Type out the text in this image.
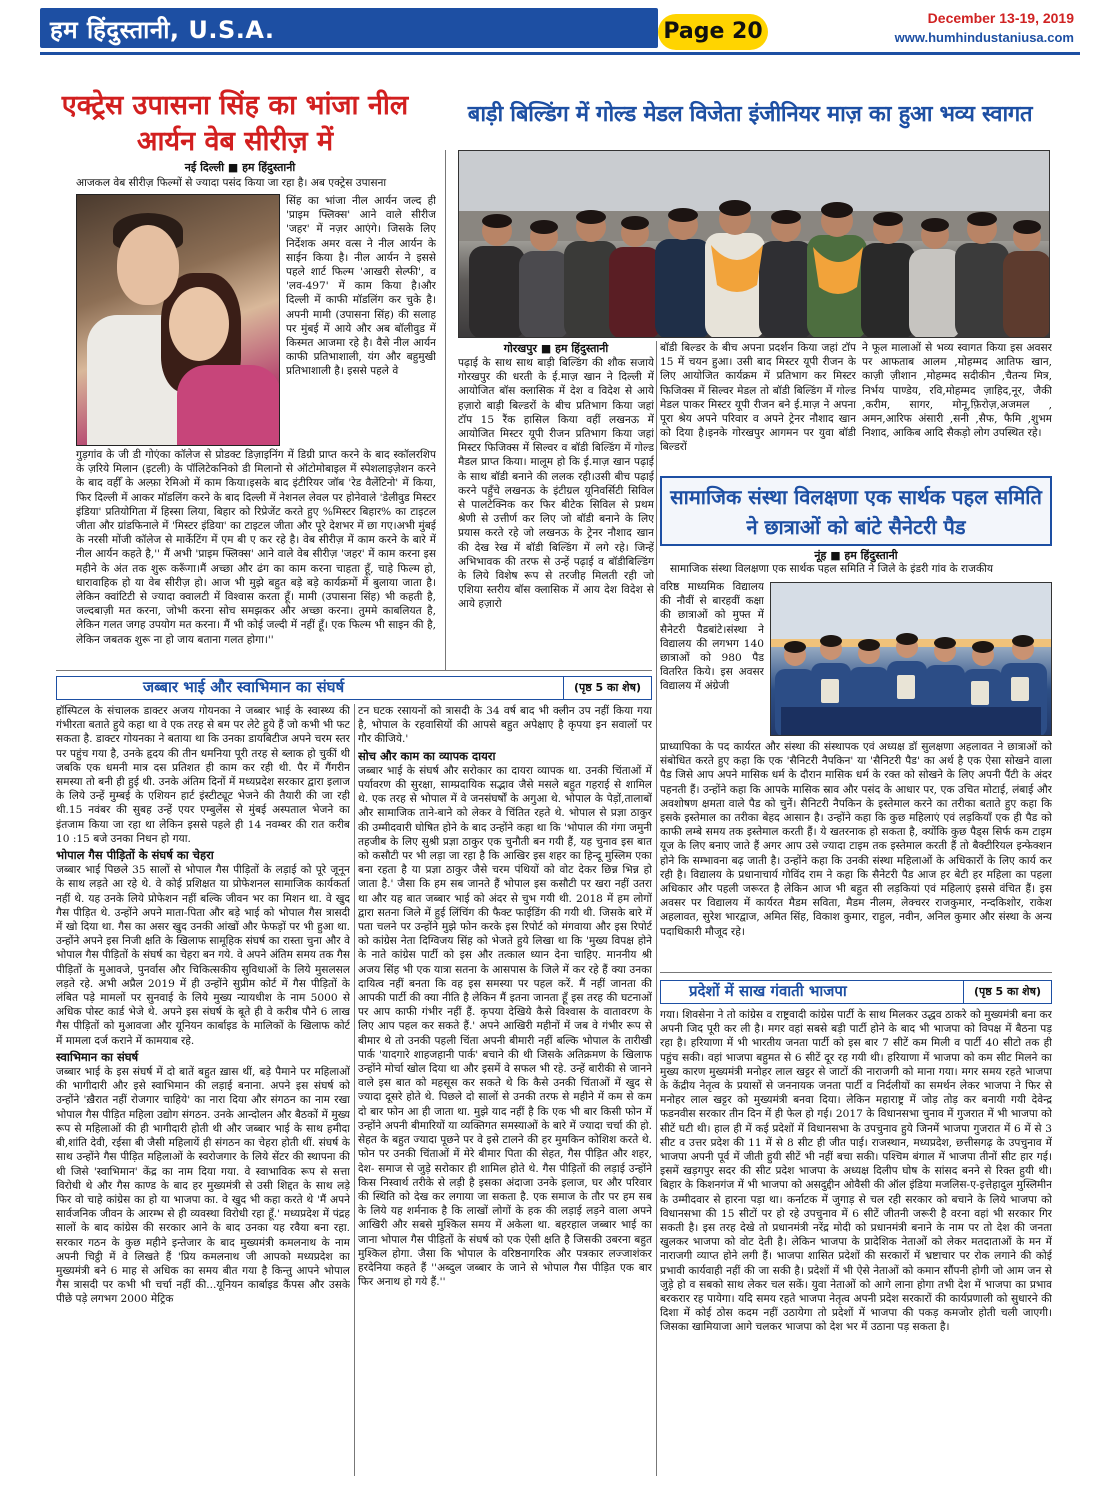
हम हिंदुस्तानी, U.S.A.	Page 20
December 13-19, 2019
www.humhindustaniusa.com
एक्ट्रेस उपासना सिंह का भांजा नील आर्यन वेब सीरीज़ में
नई दिल्ली ■ हम हिंदुस्तानी
आजकल वेब सीरीज़ फिल्मों से ज्यादा पसंद किया जा रहा है। अब एक्ट्रेस उपासना
सिंह का भांजा नील आर्यन जल्द ही 'प्राइम फ्लिक्स' आने वाले सीरीज 'जहर' में नज़र आएंगे। जिसके लिए निर्देशक अमर वत्स ने नील आर्यन के साईन किया है। नील आर्यन ने इससे पहले शार्ट फिल्म 'आखरी सेल्फी', व 'लव-497' में काम किया है।और दिल्ली में काफी मॉडलिंग कर चुके है। अपनी मामी (उपासना सिंह) की सलाह पर मुंबई में आये और अब बॉलीवुड में किस्मत आजमा रहे है। वैसे नील आर्यन काफी प्रतिभाशाली, यंग और बहुमुखी प्रतिभाशाली है। इससे पहले वे
गुड़गांव के जी डी गोएंका कॉलेज से प्रोडक्ट डिज़ाइनिंग में डिग्री प्राप्त करने के बाद स्कॉलरशिप के ज़रिये मिलान (इटली) के पॉलिटेकनिको डी मिलानो से ऑटोमोबाइल में स्पेशलाइज़ेशन करने के बाद वहीँ के अल्फ़ा रेमिओ में काम किया।इसके बाद इंटीरियर जॉब 'रेड वैलेंटिनो' में किया, फिर दिल्ली में आकर मॉडलिंग करने के बाद दिल्ली में नेशनल लेवल पर होनेवाले 'डेलीवुड मिस्टर इंडिया' प्रतियोगिता में हिस्सा लिया, बिहार को रिप्रेजेंट करते हुए %मिस्टर बिहार% का टाइटल जीता और ग्रांडफिनाले में 'मिस्टर इंडिया' का टाइटल जीता और पूरे देशभर में छा गए।अभी मुंबई के नरसी मोंजी कॉलेज से मार्केटिंग में एम बी ए कर रहे है। वेब सीरीज़ में काम करने के बारे में नील आर्यन कहते है,'' मैं अभी 'प्राइम फ्लिक्स' आने वाले वेब सीरीज़ 'जहर' में काम करना इस महीने के अंत तक शुरू करूँगा।मैं अच्छा और ढंग का काम करना चाहता हूँ, चाहे फिल्म हो, धारावाहिक हो या वेब सीरीज़ हो। आज भी मुझे बहुत बड़े बड़े कार्यक्रमों में बुलाया जाता है। लेकिन क्वांटिटी से ज्यादा क्वालटी में विश्वास करता हूँ। मामी (उपासना सिंह) भी कहती है, जल्दबाज़ी मत करना, जोभी करना सोच समझकर और अच्छा करना। तुममे काबलियत है, लेकिन गलत जगह उपयोग मत करना। मैं भी कोई जल्दी में नहीं हूँ। एक फिल्म भी साइन की है, लेकिन जबतक शुरू ना हो जाय बताना गलत होगा।''
बाड़ी बिल्डिंग में गोल्ड मेडल विजेता इंजीनियर माज़ का हुआ भव्य स्वागत
गोरखपुर ■ हम हिंदुस्तानी
पढ़ाई के साथ साथ बाड़ी बिल्डिंग की शौक सजाये गोरखपुर की धरती के ई.माज़ खान ने दिल्ली में आयोजित बॉस क्लासिक में देश व विदेश से आये हज़ारो बाड़ी बिल्डरों के बीच प्रतिभाग किया जहां टॉप 15 रैंक हासिल किया वहीं लखनऊ में आयोजित मिस्टर यूपी रीजन प्रतिभाग किया जहां मिस्टर फिजिक्स में सिल्वर व बॉडी बिल्डिंग में गोल्ड मैडल प्राप्त किया। मालूम हो कि ई.माज़ खान पढ़ाई के साथ बॉडी बनाने की ललक रही।उसी बीच पढ़ाई करने पहुँचे लखनऊ के इंटीग्रल यूनिवर्सिटी सिविल से पालटेक्निक कर फिर बीटेक सिविल से प्रथम श्रेणी से उत्तीर्ण कर लिए जो बॉडी बनाने के लिए प्रयास करते रहे जो लखनऊ के ट्रेनर नौशाद खान की देख रेख में बॉडी बिल्डिंग में लगे रहे। जिन्हें अभिभावक की तरफ से उन्हें पढ़ाई व बॉडीबिल्डिंग के लिये विशेष रूप से तरजीह मिलती रही जो एशिया स्तरीय बॉस क्लासिक में आय देश विदेश से आये हज़ारो
बॉडी बिल्डर के बीच अपना प्रदर्शन किया जहां टॉप 15 में चयन हुआ। उसी बाद मिस्टर यूपी रीजन के लिए आयोजित कार्यक्रम में प्रतिभाग कर मिस्टर फिजिक्स में सिल्वर मेडल तो बॉडी बिल्डिंग में गोल्ड मेडल पाकर मिस्टर यूपी रीजन बने ई.माज़ ने अपना पूरा श्रेय अपने परिवार व अपने ट्रेनर नौशाद खान को दिया है।इनके गोरखपुर आगमन पर युवा बॉडी बिल्डरों
ने फूल मालाओं से भव्य स्वागत किया इस अवसर पर आफताब आलम ,मोहम्मद आतिफ खान, काज़ी ज़ीशान ,मोहम्मद सदीकीन ,चैतन्य मित्र, निर्भय पाण्डेय, रवि,मोहम्मद ज़ाहिद,नूर, जैकी ,करीम, सागर, मोनू,फ़िरोज़,अजमल , अमन,आरिफ अंसारी ,सनी ,सैफ, फैमि ,शुभम निशाद, आकिब आदि सैकड़ो लोग उपस्थित रहे।
सामाजिक संस्था विलक्षणा एक सार्थक पहल समिति ने छात्राओं को बांटे सैनेटरी पैड
नूंह ■ हम हिंदुस्तानी
सामाजिक संस्था विलक्षणा एक सार्थक पहल समिति ने जिले के इंडरी गांव के राजकीय
वरिष्ठ माध्यमिक विद्यालय की नौवीं से बारहवीं कक्षा की छात्राओं को मुफ्त में सैनेटरी पैडबांटे।संस्था ने विद्यालय की लगभग 140 छात्राओं को 980 पैड वितरित किये। इस अवसर विद्यालय में अंग्रेजी
प्राध्यापिका के पद कार्यरत और संस्था की संस्थापक एवं अध्यक्ष डॉ सुलक्षणा अहलावत ने छात्राओं को संबोधित करते हुए कहा कि एक 'सैनिटरी नैपकिन' या 'सैनिटरी पैड' का अर्थ है एक ऐसा सोखने वाला पैड जिसे आप अपने मासिक धर्म के दौरान मासिक धर्म के रक्त को सोखने के लिए अपनी पैंटी के अंदर पहनती हैं। उन्होंने कहा कि आपके मासिक स्राव और पसंद के आधार पर, एक उचित मोटाई, लंबाई और अवशोषण क्षमता वाले पैड को चुनें। सैनिटरी नैपकिन के इस्तेमाल करने का तरीका बताते हुए कहा कि इसके इस्तेमाल का तरीका बेहद आसान है। उन्होंने कहा कि कुछ महिलाएं एवं लड़कियाँ एक ही पैड को काफी लम्बे समय तक इस्तेमाल करती हैं। ये खतरनाक हो सकता है, क्योंकि कुछ पैड्स सिर्फ कम टाइम यूज के लिए बनाए जाते हैं अगर आप उसे ज्यादा टाइम तक इस्तेमाल करती हैं तो बैक्टीरियल इन्फेक्शन होने कि सम्भावना बढ़ जाती है। उन्होंने कहा कि उनकी संस्था महिलाओं के अधिकारों के लिए कार्य कर रही है। विद्यालय के प्रधानाचार्य गोविंद राम ने कहा कि सैनेटरी पैड आज हर बेटी हर महिला का पहला अधिकार और पहली जरूरत है लेकिन आज भी बहुत सी लड़कियां एवं महिलाएं इससे वंचित हैं। इस अवसर पर विद्यालय में कार्यरत मैडम सविता, मैडम नीलम, लेक्चरर राजकुमार, नन्दकिशोर, राकेश अहलावत, सुरेश भारद्वाज, अमित सिंह, विकाश कुमार, राहुल, नवीन, अनिल कुमार और संस्था के अन्य पदाधिकारी मौजूद रहे।
जब्बार भाई और स्वाभिमान का संघर्ष	(पृष्ठ 5 का शेष)

हॉस्पिटल के संचालक डाक्टर अजय गोयनका ने जब्बार भाई के स्वास्थ्य की गंभीरता बताते हुये कहा था वे एक तरह से बम पर लेटे हुये हैं जो कभी भी फट सकता है. डाक्टर गोयनका ने बताया था कि उनका डायबिटीज अपने चरम स्तर पर पहुंच गया है, उनके हृदय की तीन धमनिया पूरी तरह से ब्लाक हो चुकीं थी जबकि एक धमनी मात्र दस प्रतिशत ही काम कर रही थी. पैर में गैंगरीन समस्या तो बनी ही हुई थी. उनके अंतिम दिनों में मध्यप्रदेश सरकार द्वारा इलाज के लिये उन्हें मुम्बई के एशियन हार्ट इंस्टीट्यूट भेजने की तैयारी की जा रही थी.15 नवंबर की सुबह उन्हें एयर एम्बुलेंस से मुंबई अस्पताल भेजने का इंतजाम किया जा रहा था लेकिन इससे पहले ही 14 नवम्बर की रात करीब 10 :15 बजे उनका निधन हो गया.

भोपाल गैस पीड़ितों के संघर्ष का चेहरा

जब्बार भाई पिछले 35 सालों से भोपाल गैस पीड़ितों के लड़ाई को पूरे जूनून के साथ लड़ते आ रहे थे. वे कोई प्रशिक्षत या प्रोफेशनल सामाजिक कार्यकर्ता नहीं थे. यह उनके लिये प्रोफेशन नहीं बल्कि जीवन भर का मिशन था. वे खुद गैस पीड़ित थे. उन्होंने अपने माता-पिता और बड़े भाई को भोपाल गैस त्रासदी में खो दिया था. गैस का असर खुद उनकी आंखों और फेफड़ों पर भी हुआ था. उन्होंने अपने इस निजी क्षति के खिलाफ सामूहिक संघर्ष का रास्ता चुना और वे भोपाल गैस पीड़ितों के संघर्ष का चेहरा बन गये. वे अपने अंतिम समय तक गैस पीड़ितों के मुआवजे, पुनर्वास और चिकित्सकीय सुविधाओं के लिये मुसलसल लड़ते रहे. अभी अप्रैल 2019 में ही उन्होंने सुप्रीम कोर्ट में गैस पीड़ितों के लंबित पड़े मामलों पर सुनवाई के लिये मुख्य न्यायधीश के नाम 5000 से अधिक पोस्ट कार्ड भेजे थे. अपने इस संघर्ष के बूते ही वे करीब पौने 6 लाख गैस पीड़ितों को मुआवजा और यूनियन कार्बाइड के मालिकों के खिलाफ कोर्ट में मामला दर्ज कराने में कामयाब रहे.

स्वाभिमान का संघर्ष

जब्बार भाई के इस संघर्ष में दो बातें बहुत ख़ास थीं, बड़े पैमाने पर महिलाओं की भागीदारी और इसे स्वाभिमान की लड़ाई बनाना. अपने इस संघर्ष को उन्होंने 'ख़ैरात नहीं रोजगार चाहिये' का नारा दिया और संगठन का नाम रखा भोपाल गैस पीड़ित महिला उद्योग संगठन. उनके आन्दोलन और बैठकों में मुख्य रूप से महिलाओं की ही भागीदारी होती थी और जब्बार भाई के साथ हमीदा बी,शांति देवी, रईसा बी जैसी महिलायें ही संगठन का चेहरा होती थीं. संघर्ष के साथ उन्होंने गैस पीड़ित महिलाओं के स्वरोजगार के लिये सेंटर की स्थापना की थी जिसे 'स्वाभिमान' केंद्र का नाम दिया गया. वे स्वाभाविक रूप से सत्ता विरोधी थे और गैस काण्ड के बाद हर मुख्यमंत्री से उसी शिद्दत के साथ लड़े फिर वो चाहे कांग्रेस का हो या भाजपा का. वे खुद भी कहा करते थे 'मैं अपने सार्वजनिक जीवन के आरम्भ से ही व्यवस्था विरोधी रहा हूँ.' मध्यप्रदेश में पंद्रह सालों के बाद कांग्रेस की सरकार आने के बाद उनका यह रवैया बना रहा. सरकार गठन के कुछ महीने इन्तेजार के बाद मुख्यमंत्री कमलनाथ के नाम अपनी चिट्ठी में वे लिखते हैं 'प्रिय कमलनाथ जी आपको मध्यप्रदेश का मुख्यमंत्री बने 6 माह से अधिक का समय बीत गया है किन्तु आपने भोपाल गैस त्रासदी पर कभी भी चर्चा नहीं की...यूनियन कार्बाइड कैंपस और उसके पीछे पड़े लगभग 2000 मेट्रिक

टन घटक रसायनों को त्रासदी के 34 वर्ष बाद भी क्लीन उप नहीं किया गया है, भोपाल के रहवासियों की आपसे बहुत अपेक्षाए है कृपया इन सवालों पर गौर कीजिये.'

सोच और काम का व्यापक दायरा

जब्बार भाई के संघर्ष और सरोकार का दायरा व्यापक था. उनकी चिंताओं में पर्यावरण की सुरक्षा, साम्प्रदायिक सद्भाव जैसे मसले बहुत गहराई से शामिल थे. एक तरह से भोपाल में वे जनसंघर्षों के अगुआ थे. भोपाल के पेड़ों,तालाबों और सामाजिक ताने-बाने को लेकर वे चिंतित रहते थे. भोपाल से प्रज्ञा ठाकुर की उम्मीदवारी घोषित होने के बाद उन्होंने कहा था कि 'भोपाल की गंगा जमुनी तहजीब के लिए सुश्री प्रज्ञा ठाकुर एक चुनौती बन गयी हैं, यह चुनाव इस बात को कसौटी पर भी लड़ा जा रहा है कि आखिर इस शहर का हिन्दू मुस्लिम एका बना रहता है या प्रज्ञा ठाकुर जैसे चरम पंथियों को वोट देकर छिन्न भिन्न हो जाता है.' जैसा कि हम सब जानते हैं भोपाल इस कसौटी पर खरा नहीं उतरा था और यह बात जब्बार भाई को अंदर से चुभ गयी थी. 2018 में हम लोगों द्वारा सतना जिले में हुई लिंचिंग की फैक्ट फाईडिंग की गयी थी. जिसके बारे में पता चलने पर उन्होंने मुझे फोन करके इस रिपोर्ट को मंगवाया और इस रिपोर्ट को कांग्रेस नेता दिग्विजय सिंह को भेजते हुये लिखा था कि 'मुख्य विपक्ष होने के नाते कांग्रेस पार्टी को इस और तत्काल ध्यान देना चाहिए. माननीय श्री अजय सिंह भी एक यात्रा सतना के आसपास के जिले में कर रहे हैं क्या उनका दायित्व नहीं बनता कि वह इस समस्या पर पहल करें. मैं नहीं जानता की आपकी पार्टी की क्या नीति है लेकिन मैं इतना जानता हूँ इस तरह की घटनाओं पर आप काफी गंभीर नहीं हैं. कृपया देखिये कैसे विश्वास के वातावरण के लिए आप पहल कर सकते हैं.' अपने आखिरी महीनों में जब वे गंभीर रूप से बीमार थे तो उनकी पहली चिंता अपनी बीमारी नहीं बल्कि भोपाल के तारीखी पार्क 'यादगारे शाहजहानी पार्क' बचाने की थी जिसके अतिक्रमण के खिलाफ उन्होंने मोर्चा खोल दिया था और इसमें वे सफल भी रहे. उन्हें बारीकी से जानने वाले इस बात को महसूस कर सकते थे कि कैसे उनकी चिंताओं में खुद से ज्यादा दूसरे होते थे. पिछले दो सालों से उनकी तरफ से महीने में कम से कम दो बार फोन आ ही जाता था. मुझे याद नहीं है कि एक भी बार किसी फोन में उन्होंने अपनी बीमारियों या व्यक्तिगत समस्याओं के बारे में ज्यादा चर्चा की हो. सेहत के बहुत ज्यादा पूछने पर वे इसे टालने की हर मुमकिन कोशिश करते थे. फोन पर उनकी चिंताओं में मेरे बीमार पिता की सेहत, गैस पीड़ित और शहर, देश- समाज से जुड़े सरोकार ही शामिल होते थे. गैस पीड़ितों की लड़ाई उन्होंने किस निस्वार्थ तरीके से लड़ी है इसका अंदाजा उनके इलाज, घर और परिवार की स्थिति को देख कर लगाया जा सकता है. एक समाज के तौर पर हम सब के लिये यह शर्मनाक है कि लाखों लोगों के हक की लड़ाई लड़ने वाला अपने आखिरी और सबसे मुश्किल समय में अकेला था. बहरहाल जब्बार भाई का जाना भोपाल गैस पीड़ितों के संघर्ष को एक ऐसी क्षति है जिसकी उबरना बहुत मुश्किल होगा. जैसा कि भोपाल के वरिष्ठनागरिक और पत्रकार लज्जाशंकर हरदेनिया कहते हैं ''अब्दुल जब्बार के जाने से भोपाल गैस पीड़ित एक बार फिर अनाथ हो गये हैं.''

प्रदेशों में साख गंवाती भाजपा	(पृष्ठ 5 का शेष)
गया। शिवसेना ने तो कांग्रेस व राष्ट्रवादी कांग्रेस पार्टी के साथ मिलकर उद्धव ठाकरे को मुख्यमंत्री बना कर अपनी जिद पूरी कर ली है। मगर वहां सबसे बड़ी पार्टी होने के बाद भी भाजपा को विपक्ष में बैठना पड़ रहा है। हरियाणा में भी भारतीय जनता पार्टी को इस बार 7 सीटें कम मिली व पार्टी 40 सीटो तक ही पहुंच सकी। वहां भाजपा बहुमत से 6 सीटें दूर रह गयी थी। हरियाणा में भाजपा को कम सीट मिलने का मुख्य कारण मुख्यमंत्री मनोहर लाल खट्टर से जाटों की नाराजगी को माना गया। मगर समय रहते भाजपा के केंद्रीय नेतृत्व के प्रयासों से जननायक जनता पार्टी व निर्दलीयों का समर्थन लेकर भाजपा ने फिर से मनोहर लाल खट्टर को मुख्यमंत्री बनवा दिया। लेकिन महाराष्ट्र में जोड़ तोड़ कर बनायी गयी देवेन्द्र फडनवीस सरकार तीन दिन में ही फेल हो गई। 2017 के विधानसभा चुनाव में गुजरात में भी भाजपा को सीटें घटी थी। हाल ही में कई प्रदेशों में विधानसभा के उपचुनाव हुये जिनमें भाजपा गुजरात में 6 में से 3 सीट व उत्तर प्रदेश की 11 में से 8 सीट ही जीत पाई। राजस्थान, मध्यप्रदेश, छत्तीसगढ़ के उपचुनाव में भाजपा अपनी पूर्व में जीती हुयी सीटें भी नहीं बचा सकी। पश्चिम बंगाल में भाजपा तीनों सीट हार गई। इसमें खड़गपुर सदर की सीट प्रदेश भाजपा के अध्यक्ष दिलीप घोष के सांसद बनने से रिक्त हुयी थी। बिहार के किशनगंज में भी भाजपा को असदुद्दीन ओवैसी की ऑल इंडिया मजलिस-ए-इत्तेहादुल मुस्लिमीन के उम्मीदवार से हारना पड़ा था। कर्नाटक में जुगाड़ से चल रही सरकार को बचाने के लिये भाजपा को विधानसभा की 15 सीटों पर हो रहे उपचुनाव में 6 सीटें जीतनी जरूरी है वरना वहां भी सरकार गिर सकती है। इस तरह देखे तो प्रधानमंत्री नरेंद्र मोदी को प्रधानमंत्री बनाने के नाम पर तो देश की जनता खुलकर भाजपा को वोट देती है। लेकिन भाजपा के प्रादेशिक नेताओं को लेकर मतदाताओं के मन में नाराजगी व्याप्त होने लगी हैं। भाजपा शासित प्रदेशों की सरकारों में भ्रष्टाचार पर रोक लगाने की कोई प्रभावी कार्यवाही नहीं की जा सकी है। प्रदेशों में भी ऐसे नेताओं को कमान सौंपनी होगी जो आम जन से जुड़े हो व सबको साथ लेकर चल सकें। युवा नेताओं को आगे लाना होगा तभी देश में भाजपा का प्रभाव बरकरार रह पायेगा। यदि समय रहते भाजपा नेतृत्व अपनी प्रदेश सरकारों की कार्यप्रणाली को सुधारने की दिशा में कोई ठोस कदम नहीं उठायेगा तो प्रदेशों में भाजपा की पकड़ कमजोर होती चली जाएगी। जिसका खामियाजा आगे चलकर भाजपा को देश भर में उठाना पड़ सकता है।
